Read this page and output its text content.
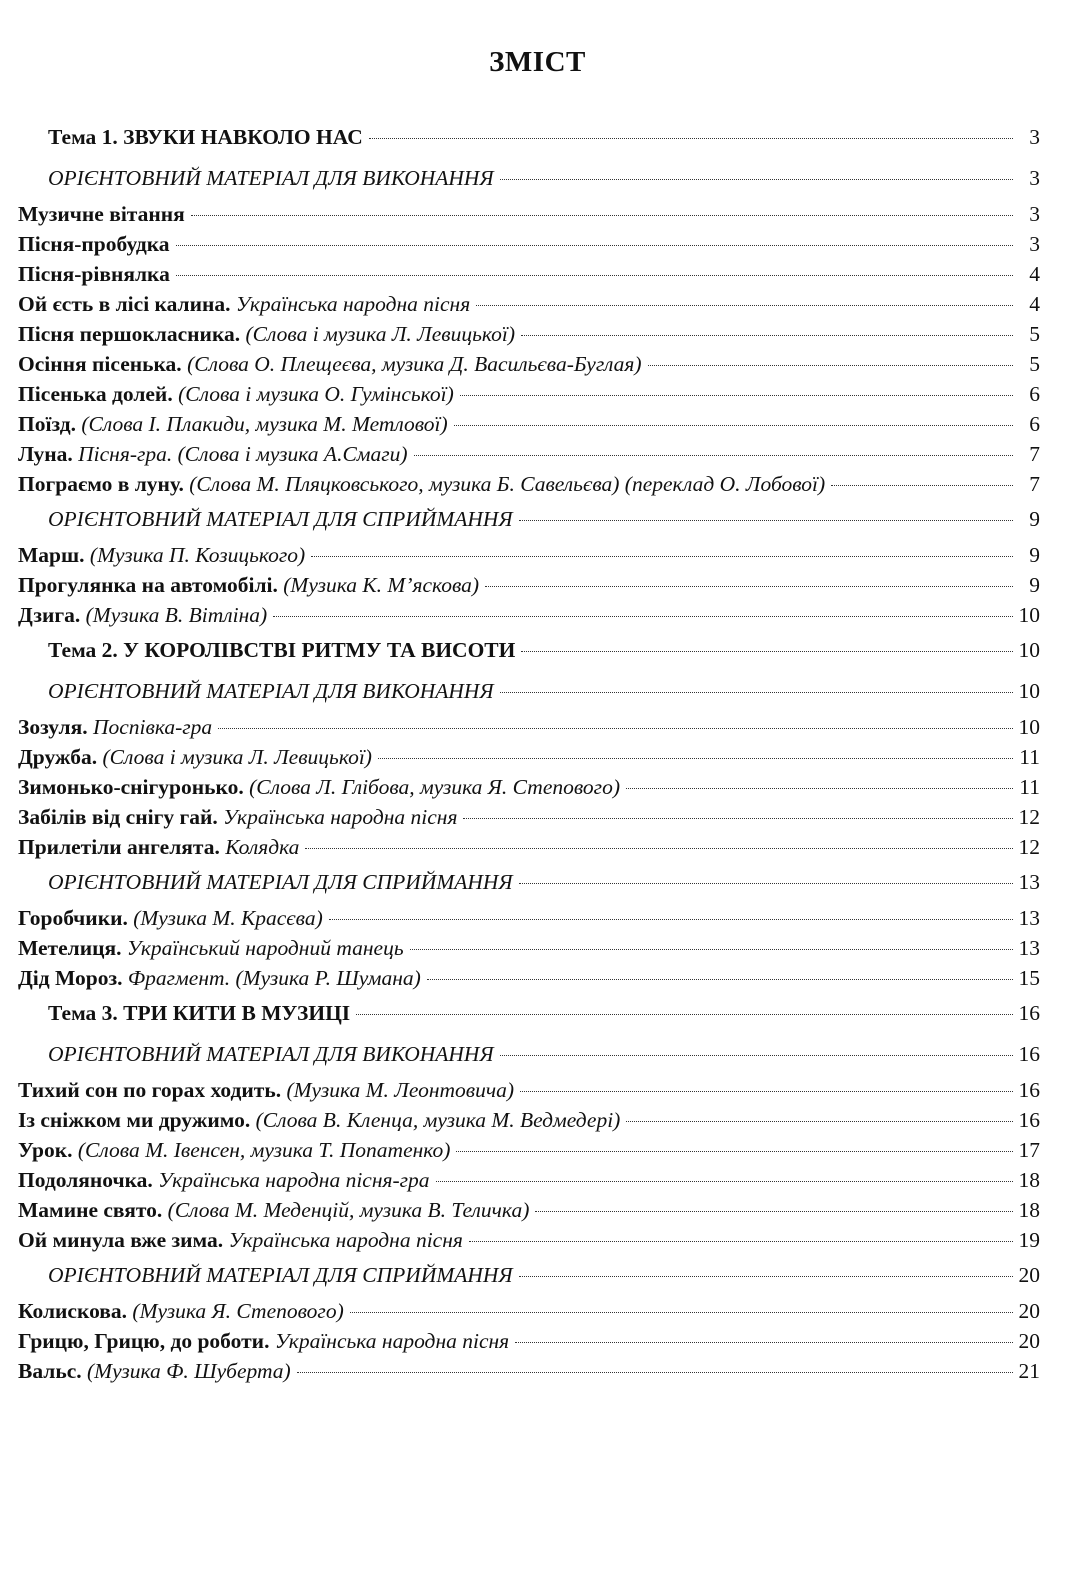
ЗМІСТ
Тема 1. ЗВУКИ НАВКОЛО НАС	3
ОРІЄНТОВНИЙ МАТЕРІАЛ ДЛЯ ВИКОНАННЯ	3
Музичне вітання	3
Пісня-пробудка	3
Пісня-рівнялка	4
Ой єсть в лісі калина. Українська народна пісня	4
Пісня першокласника. (Слова і музика Л. Левицької)	5
Осіння пісенька. (Слова О. Плещеєва, музика Д. Васильєва-Буглая)	5
Пісенька долей. (Слова і музика О. Гумінської)	6
Поїзд. (Слова І. Плакиди, музика М. Метлової)	6
Луна. Пісня-гра. (Слова і музика А.Смаги)	7
Пограємо в луну. (Слова М. Пляцковського, музика Б. Савельєва) (переклад О. Лобової)	7
ОРІЄНТОВНИЙ МАТЕРІАЛ ДЛЯ СПРИЙМАННЯ	9
Марш. (Музика П. Козицького)	9
Прогулянка на автомобілі. (Музика К. М’яскова)	9
Дзига. (Музика В. Вітліна)	10
Тема 2. У КОРОЛІВСТВІ РИТМУ ТА ВИСОТИ	10
ОРІЄНТОВНИЙ МАТЕРІАЛ ДЛЯ ВИКОНАННЯ	10
Зозуля. Поспівка-гра	10
Дружба. (Слова і музика Л. Левицької)	11
Зимонько-снігуронько. (Слова Л. Глібова, музика Я. Степового)	11
Забілів від снігу гай. Українська народна пісня	12
Прилетіли ангелята. Колядка	12
ОРІЄНТОВНИЙ МАТЕРІАЛ ДЛЯ СПРИЙМАННЯ	13
Горобчики. (Музика М. Красєва)	13
Метелиця. Український народний танець	13
Дід Мороз. Фрагмент. (Музика Р. Шумана)	15
Тема 3. ТРИ КИТИ В МУЗИЦІ	16
ОРІЄНТОВНИЙ МАТЕРІАЛ ДЛЯ ВИКОНАННЯ	16
Тихий сон по горах ходить. (Музика М. Леонтовича)	16
Із сніжком ми дружимо. (Слова В. Кленца, музика М. Ведмедері)	16
Урок. (Слова М. Івенсен, музика Т. Попатенко)	17
Подоляночка. Українська народна пісня-гра	18
Мамине свято. (Слова М. Меденцій, музика В. Теличка)	18
Ой минула вже зима. Українська народна пісня	19
ОРІЄНТОВНИЙ МАТЕРІАЛ ДЛЯ СПРИЙМАННЯ	20
Колискова. (Музика Я. Степового)	20
Грицю, Грицю, до роботи. Українська народна пісня	20
Вальс. (Музика Ф. Шуберта)	21
